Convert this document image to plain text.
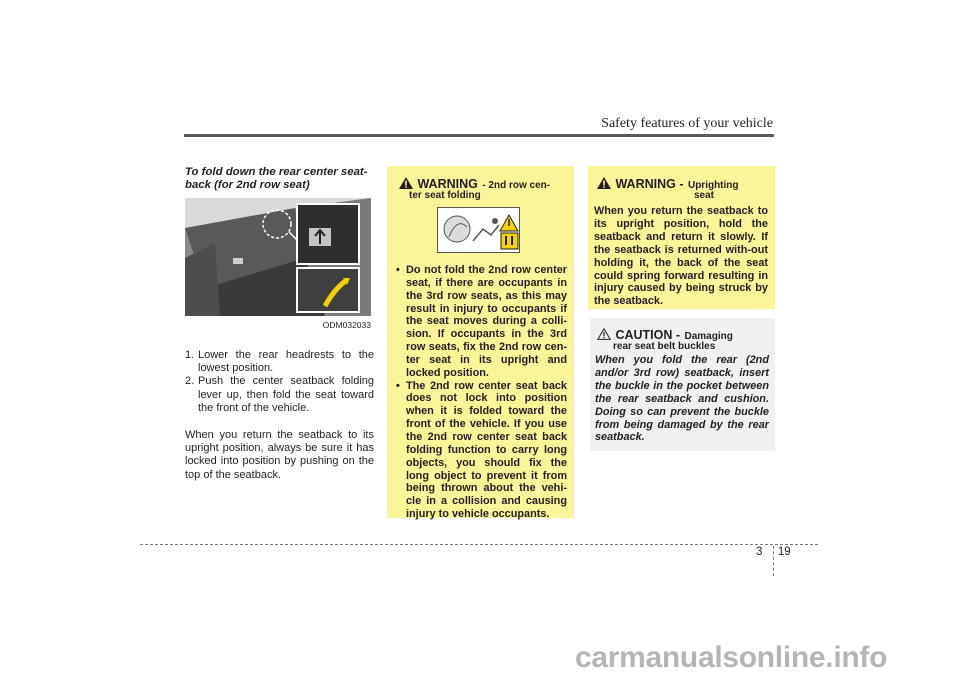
Safety features of your vehicle
To fold down the rear center seat-back (for 2nd row seat)
ODM032033
1. Lower the rear headrests to the lowest position.
2. Push the center seatback folding lever up, then fold the seat toward the front of the vehicle.
When you return the seatback to its upright position, always be sure it has locked into position by pushing on the top of the seatback.
WARNING - 2nd row cen-
ter seat folding
• Do not fold the 2nd row center seat, if there are occupants in the 3rd row seats, as this may result in injury to occupants if the seat moves during a colli-sion. If occupants in the 3rd row seats, fix the 2nd row cen-ter seat in its upright and locked position.
• The 2nd row center seat back does not lock into position when it is folded toward the front of the vehicle. If you use the 2nd row center seat back folding function to carry long objects, you should fix the long object to prevent it from being thrown about the vehi-cle in a collision and causing injury to vehicle occupants.
WARNING - Uprighting
seat
When you return the seatback to its upright position, hold the seatback and return it slowly. If the seatback is returned with-out holding it, the back of the seat could spring forward resulting in injury caused by being struck by the seatback.
CAUTION - Damaging
rear seat belt buckles
When you fold the rear (2nd and/or 3rd row) seatback, insert the buckle in the pocket between the rear seatback and cushion. Doing so can prevent the buckle from being damaged by the rear seatback.
3 19
carmanualsonline.info
